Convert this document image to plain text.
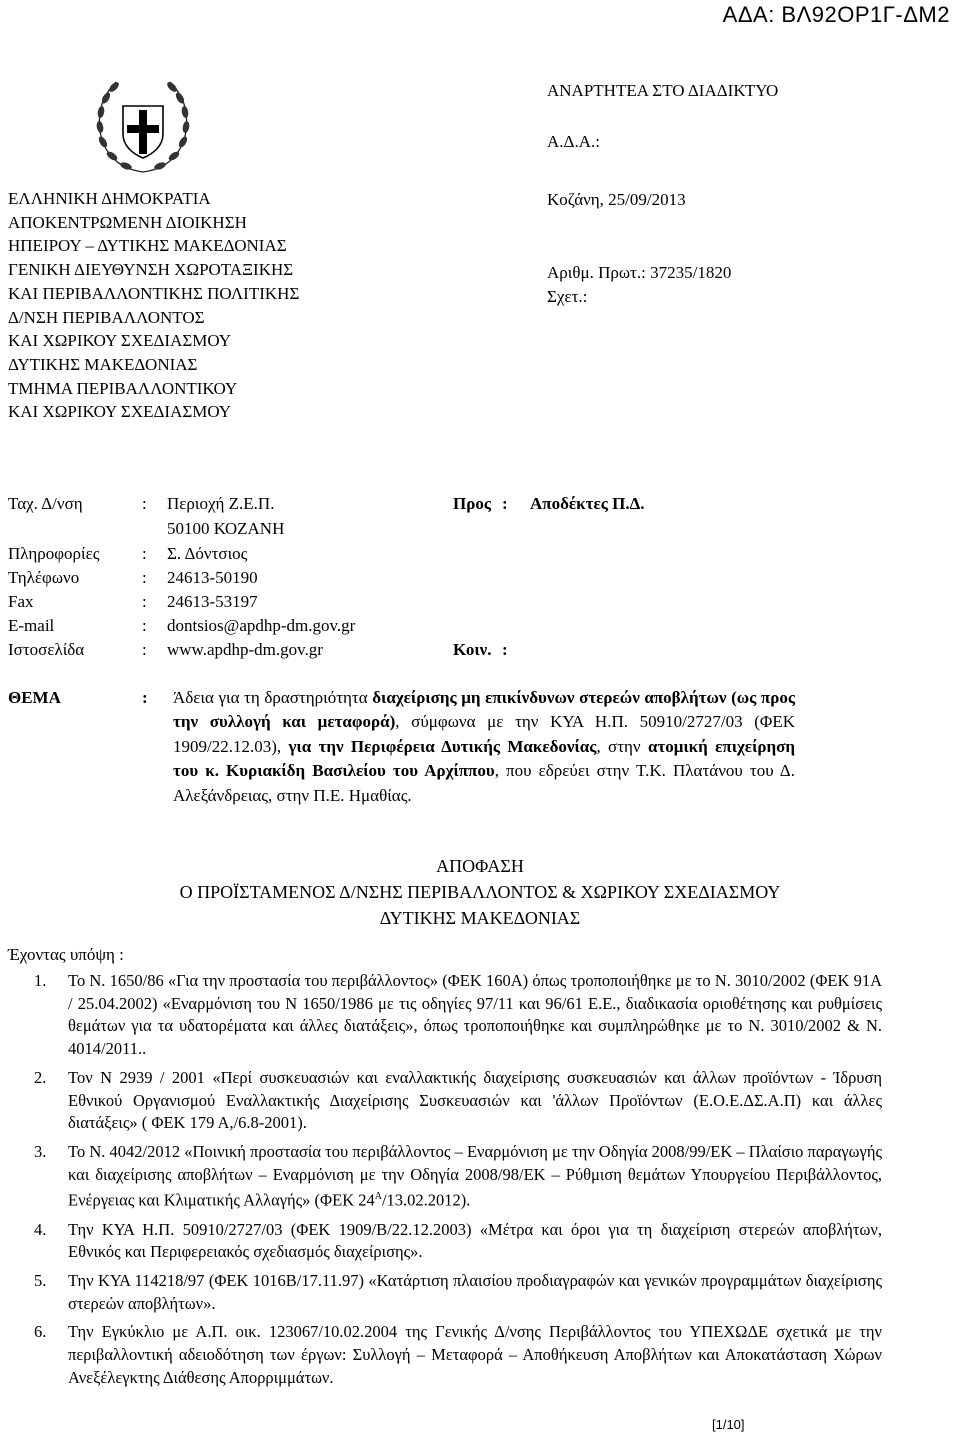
ΑΔΑ: ΒΛ92ΟΡ1Γ-ΔΜ2
ΑΝΑΡΤΗΤΕΑ ΣΤΟ ΔΙΑΔΙΚΤΥΟ
Α.Δ.Α.:
Κοζάνη, 25/09/2013
Αριθμ. Πρωτ.: 37235/1820
Σχετ.:
ΕΛΛΗΝΙΚΗ ΔΗΜΟΚΡΑΤΙΑ
ΑΠΟΚΕΝΤΡΩΜΕΝΗ ΔΙΟΙΚΗΣΗ
ΗΠΕΙΡΟΥ – ΔΥΤΙΚΗΣ ΜΑΚΕΔΟΝΙΑΣ
ΓΕΝΙΚΗ ΔΙΕΥΘΥΝΣΗ ΧΩΡΟΤΑΞΙΚΗΣ
ΚΑΙ ΠΕΡΙΒΑΛΛΟΝΤΙΚΗΣ ΠΟΛΙΤΙΚΗΣ
Δ/ΝΣΗ ΠΕΡΙΒΑΛΛΟΝΤΟΣ
ΚΑΙ ΧΩΡΙΚΟΥ ΣΧΕΔΙΑΣΜΟΥ
ΔΥΤΙΚΗΣ ΜΑΚΕΔΟΝΙΑΣ
ΤΜΗΜΑ ΠΕΡΙΒΑΛΛΟΝΤΙΚΟΥ
ΚΑΙ ΧΩΡΙΚΟΥ ΣΧΕΔΙΑΣΜΟΥ
Ταχ. Δ/νση	: Περιοχή Ζ.Ε.Π.
50100 ΚΟΖΑΝΗ
Πληροφορίες	: Σ. Δόντσιος
Τηλέφωνο	: 24613-50190
Fax	: 24613-53197
E-mail	: dontsios@apdhp-dm.gov.gr
Ιστοσελίδα	: www.apdhp-dm.gov.gr
Προς : Αποδέκτες Π.Δ.
Κοιν. :
ΘΕΜΑ	: Άδεια για τη δραστηριότητα διαχείρισης μη επικίνδυνων στερεών αποβλήτων (ως προς την συλλογή και μεταφορά), σύμφωνα με την ΚΥΑ Η.Π. 50910/2727/03 (ΦΕΚ 1909/22.12.03), για την Περιφέρεια Δυτικής Μακεδονίας, στην ατομική επιχείρηση του κ. Κυριακίδη Βασιλείου του Αρχίππου, που εδρεύει στην Τ.Κ. Πλατάνου του Δ. Αλεξάνδρειας, στην Π.Ε. Ημαθίας.
ΑΠΟΦΑΣΗ
Ο ΠΡΟΪΣΤΑΜΕΝΟΣ Δ/ΝΣΗΣ ΠΕΡΙΒΑΛΛΟΝΤΟΣ & ΧΩΡΙΚΟΥ ΣΧΕΔΙΑΣΜΟΥ
ΔΥΤΙΚΗΣ ΜΑΚΕΔΟΝΙΑΣ
Έχοντας υπόψη :
1. Το Ν. 1650/86 «Για την προστασία του περιβάλλοντος» (ΦΕΚ 160Α) όπως τροποποιήθηκε με το Ν. 3010/2002 (ΦΕΚ 91Α / 25.04.2002) «Εναρμόνιση του Ν 1650/1986 με τις οδηγίες 97/11 και 96/61 Ε.Ε., διαδικασία οριοθέτησης και ρυθμίσεις θεμάτων για τα υδατορέματα και άλλες διατάξεις», όπως τροποποιήθηκε και συμπληρώθηκε με το Ν. 3010/2002 & Ν. 4014/2011..
2. Τον Ν 2939 / 2001 «Περί συσκευασιών και εναλλακτικής διαχείρισης συσκευασιών και άλλων προϊόντων - Ίδρυση Εθνικού Οργανισμού Εναλλακτικής Διαχείρισης Συσκευασιών και 'άλλων Προϊόντων (Ε.Ο.Ε.ΔΣ.Α.Π) και άλλες διατάξεις» ( ΦΕΚ 179 Α,/6.8-2001).
3. Το Ν. 4042/2012 «Ποινική προστασία του περιβάλλοντος – Εναρμόνιση με την Οδηγία 2008/99/ΕΚ – Πλαίσιο παραγωγής και διαχείρισης αποβλήτων – Εναρμόνιση με την Οδηγία 2008/98/ΕΚ – Ρύθμιση θεμάτων Υπουργείου Περιβάλλοντος, Ενέργειας και Κλιματικής Αλλαγής» (ΦΕΚ $24^A/13.02.2012$).
4. Την ΚΥΑ Η.Π. 50910/2727/03 (ΦΕΚ 1909/Β/22.12.2003) «Μέτρα και όροι για τη διαχείριση στερεών αποβλήτων, Εθνικός και Περιφερειακός σχεδιασμός διαχείρισης».
5. Την ΚΥΑ 114218/97 (ΦΕΚ 1016Β/17.11.97) «Κατάρτιση πλαισίου προδιαγραφών και γενικών προγραμμάτων διαχείρισης στερεών αποβλήτων».
6. Την Εγκύκλιο με Α.Π. οικ. 123067/10.02.2004 της Γενικής Δ/νσης Περιβάλλοντος του ΥΠΕΧΩΔΕ σχετικά με την περιβαλλοντική αδειοδότηση των έργων: Συλλογή – Μεταφορά – Αποθήκευση Αποβλήτων και Αποκατάσταση Χώρων Ανεξέλεγκτης Διάθεσης Απορριμμάτων.
[1/10]
